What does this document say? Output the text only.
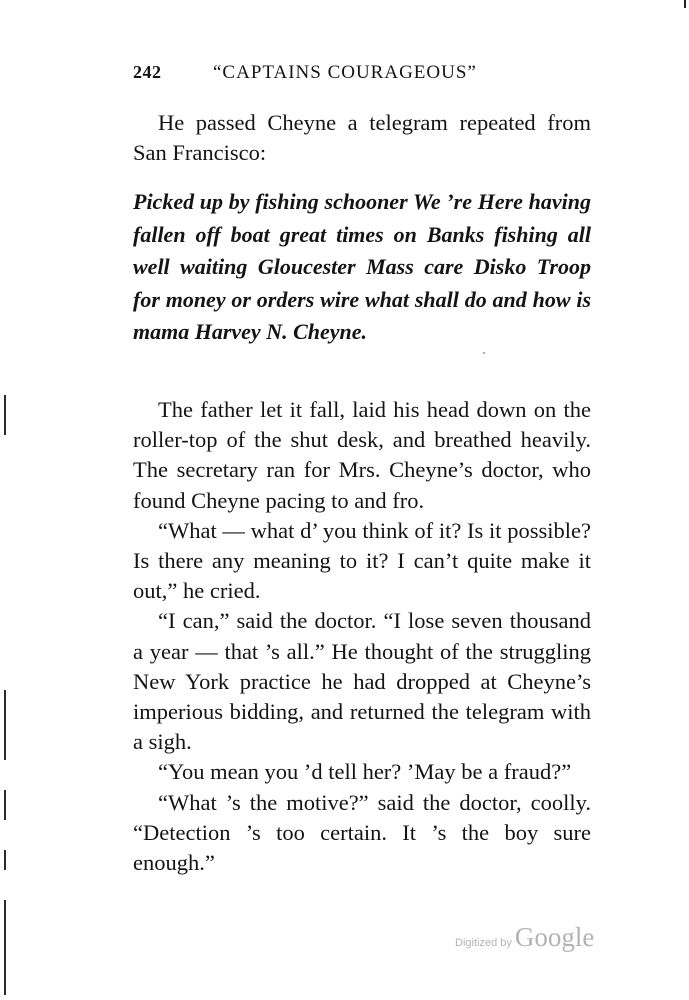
242	“CAPTAINS COURAGEOUS”

He passed Cheyne a telegram repeated from San Francisco:

Picked up by fishing schooner We ’re Here having fallen off boat great times on Banks fishing all well waiting Gloucester Mass care Disko Troop for money or orders wire what shall do and how is mama Harvey N. Cheyne.

The father let it fall, laid his head down on the roller-top of the shut desk, and breathed heavily. The secretary ran for Mrs. Cheyne’s doctor, who found Cheyne pacing to and fro.

“What — what d’ you think of it? Is it possible? Is there any meaning to it? I can’t quite make it out,” he cried.

“I can,” said the doctor. “I lose seven thousand a year — that ’s all.” He thought of the struggling New York practice he had dropped at Cheyne’s imperious bidding, and returned the telegram with a sigh.

“You mean you ’d tell her? ’May be a fraud?”

“What ’s the motive?” said the doctor, coolly. “Detection ’s too certain. It ’s the boy sure enough.”

Digitized by Google
